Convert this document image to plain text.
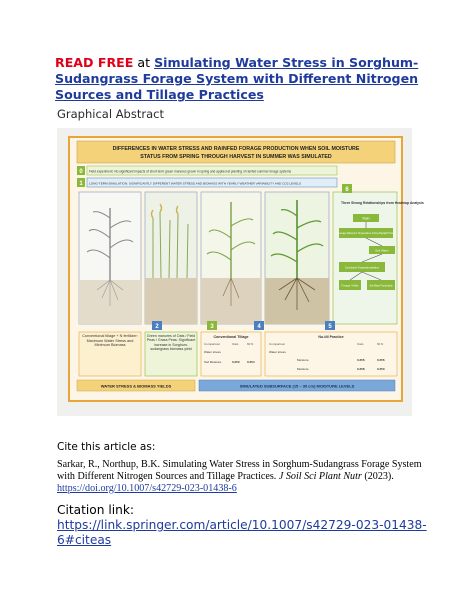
READ FREE at Simulating Water Stress in Sorghum-Sudangrass Forage System with Different Nitrogen Sources and Tillage Practices
Graphical Abstract
DIFFERENCES IN WATER STRESS AND RAINFED FORAGE PRODUCTION WHEN SOIL MOISTURE
STATUS FROM SPRING THROUGH HARVEST IN SUMMER WAS SIMULATED
0 Field experiment: No significant impacts of short-term green manures grown in spring and applied at planting of rainfed summer forage systems
1 LONG-TERM SIMULATION: SIGNIFICANTLY DIFFERENT WATER STRESS AND BIOMASS WITH YEARLY WEATHER VARIABILITY AND CO2 LEVELS
Three Strong Relationships from Heatmap Analysis
Rain
Average Maximum Temperature during Daylight Hours
Soil Water
Cumulative Evapotranspiration
Forage Yields	Soil Water Productivity
2	3	4	5
6
Conventional tillage + N fertilizer: Maximum Water Stress and Minimum Biomass
Green manures of Oats / Field Peas / Grass Peas: Significant increase in Sorghum-sudangrass biomass yield
Conventional Tillage
Comparison	Oats	60 N
Water stress
Soil Moisture	0.250 0.254
No-till Practice
Comparison	Oats	60 N
Water stress
Moisture	0.256	0.256
Moisture	0.258	0.250
WATER STRESS & BIOMASS YIELDS	SIMULATED SUBSURFACE (15 – 30 cm) MOISTURE LEVELS
Cite this article as:
Sarkar, R., Northup, B.K. Simulating Water Stress in Sorghum-Sudangrass Forage System with Different Nitrogen Sources and Tillage Practices. J Soil Sci Plant Nutr (2023).
https://doi.org/10.1007/s42729-023-01438-6
Citation link: https://link.springer.com/article/10.1007/s42729-023-01438-6#citeas
